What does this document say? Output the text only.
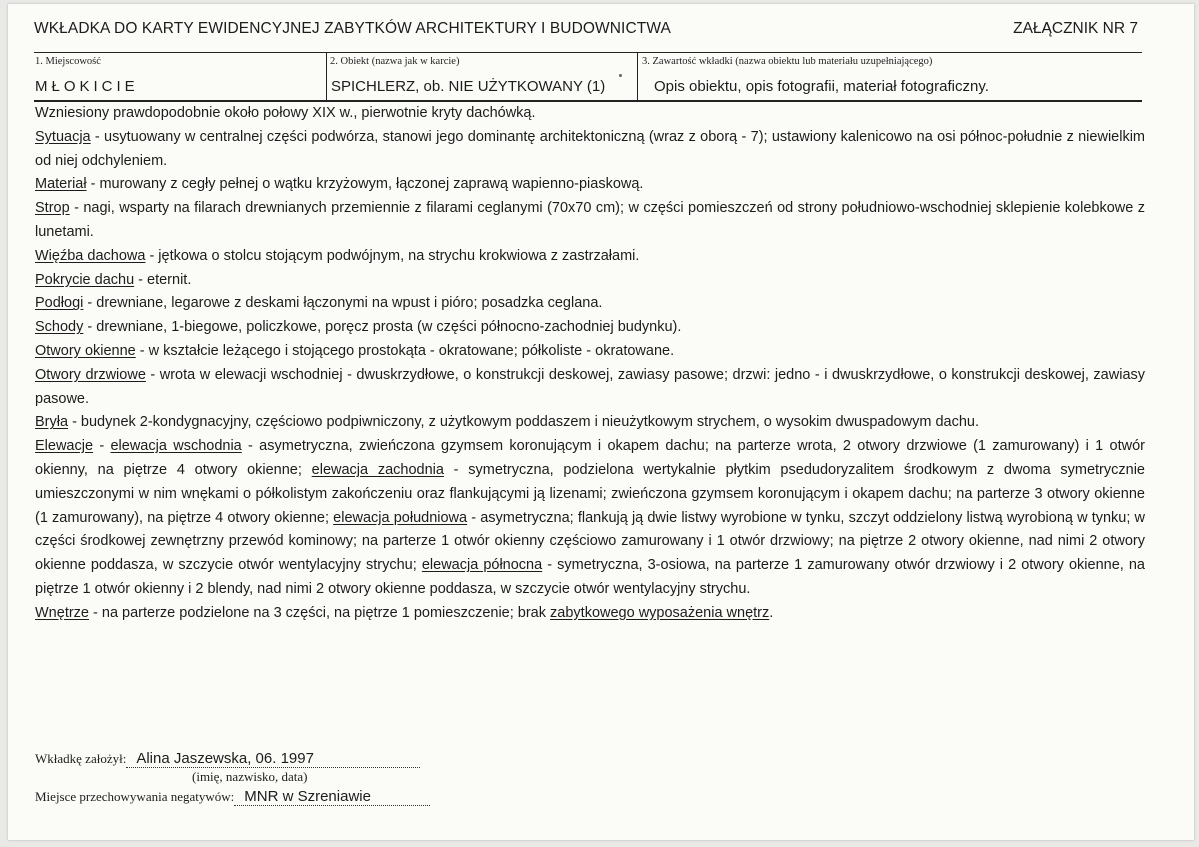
WKŁADKA DO KARTY EWIDENCYJNEJ ZABYTKÓW ARCHITEKTURY I BUDOWNICTWA	ZAŁĄCZNIK NR 7
1. Miejscowość
MŁOKICIE
2. Obiekt (nazwa jak w karcie)
SPICHLERZ, ob. NIE UŻYTKOWANY (1)
3. Zawartość wkładki (nazwa obiektu lub materiału uzupełniającego)
Opis obiektu, opis fotografii, materiał fotograficzny.

Wzniesiony prawdopodobnie około połowy XIX w., pierwotnie kryty dachówką.

Sytuacja - usytuowany w centralnej części podwórza, stanowi jego dominantę architektoniczną (wraz z oborą - 7); ustawiony kalenicowo na osi północ-południe z niewielkim od niej odchyleniem.

Materiał - murowany z cegły pełnej o wątku krzyżowym, łączonej zaprawą wapienno-piaskową.

Strop - nagi, wsparty na filarach drewnianych przemiennie z filarami ceglanymi (70x70 cm); w części pomieszczeń od strony południowo-wschodniej sklepienie kolebkowe z lunetami.

Więźba dachowa - jętkowa o stolcu stojącym podwójnym, na strychu krokwiowa z zastrzałami.

Pokrycie dachu - eternit.

Podłogi - drewniane, legarowe z deskami łączonymi na wpust i pióro; posadzka ceglana.

Schody - drewniane, 1-biegowe, policzkowe, poręcz prosta (w części północno-zachodniej budynku).

Otwory okienne - w kształcie leżącego i stojącego prostokąta - okratowane; półkoliste - okratowane.

Otwory drzwiowe - wrota w elewacji wschodniej - dwuskrzydłowe, o konstrukcji deskowej, zawiasy pasowe; drzwi: jedno - i dwuskrzydłowe, o konstrukcji deskowej, zawiasy pasowe.

Bryła - budynek 2-kondygnacyjny, częściowo podpiwniczony, z użytkowym poddaszem i nieużytkowym strychem, o wysokim dwuspadowym dachu.

Elewacje - elewacja wschodnia - asymetryczna, zwieńczona gzymsem koronującym i okapem dachu; na parterze wrota, 2 otwory drzwiowe (1 zamurowany) i 1 otwór okienny, na piętrze 4 otwory okienne; elewacja zachodnia - symetryczna, podzielona wertykalnie płytkim psedudoryzalitem środkowym z dwoma symetrycznie umieszczonymi w nim wnękami o półkolistym zakończeniu oraz flankującymi ją lizenami; zwieńczona gzymsem koronującym i okapem dachu; na parterze 3 otwory okienne (1 zamurowany), na piętrze 4 otwory okienne; elewacja południowa - asymetryczna; flankują ją dwie listwy wyrobione w tynku, szczyt oddzielony listwą wyrobioną w tynku; w części środkowej zewnętrzny przewód kominowy; na parterze 1 otwór okienny częściowo zamurowany i 1 otwór drzwiowy; na piętrze 2 otwory okienne, nad nimi 2 otwory okienne poddasza, w szczycie otwór wentylacyjny strychu; elewacja północna - symetryczna, 3-osiowa, na parterze 1 zamurowany otwór drzwiowy i 2 otwory okienne, na piętrze 1 otwór okienny i 2 blendy, nad nimi 2 otwory okienne poddasza, w szczycie otwór wentylacyjny strychu.

Wnętrze - na parterze podzielone na 3 części, na piętrze 1 pomieszczenie; brak zabytkowego wyposażenia wnętrz.

Wkładkę założył: Alina Jaszewska, 06. 1997
(imię, nazwisko, data)
Miejsce przechowywania negatywów: MNR w Szreniawie
